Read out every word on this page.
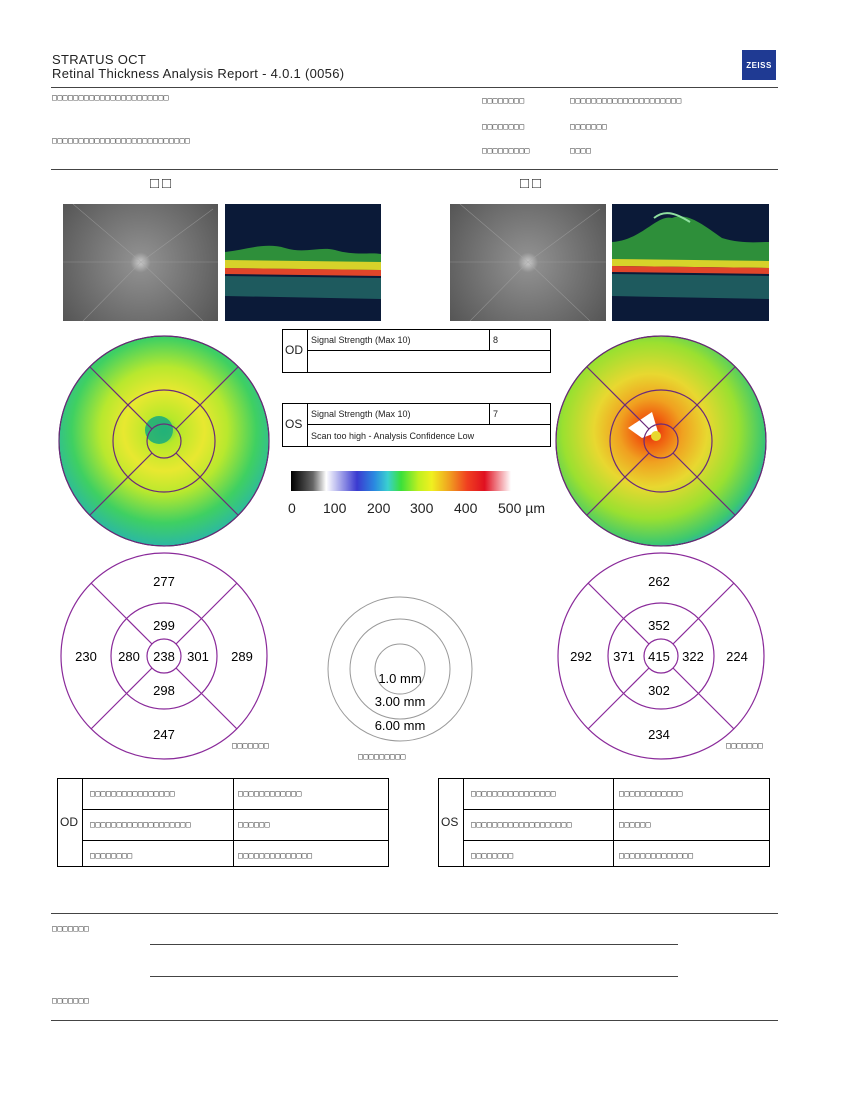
STRATUS OCT
Retinal Thickness Analysis Report - 4.0.1 (0056)
ZEISS
□□□□□□□□□□□□□□□□□□□□□□
□□□□□□□□□□□□□□□□□□□□□□□□□□
□□□□□□□□	□□□□□□□□□□□□□□□□□□□□□
□□□□□□□□	□□□□□□□
□□□□□□□□□	□□□□
□□	□□
OD
Signal Strength (Max 10)	8
OS
Signal Strength (Max 10)	7
Scan too high - Analysis Confidence Low
0 100 200 300 400 500 µm
277
299
230 280 238 301 289
298
247
□□□□□□□
262
352
292 371 415 322 224
302
234
□□□□□□□
1.0 mm
3.00 mm
6.00 mm
□□□□□□□□□
OD
□□□□□□□□□□□□□□□□	□□□□□□□□□□□□
□□□□□□□□□□□□□□□□□□□	□□□□□□
□□□□□□□□	□□□□□□□□□□□□□□
OS
□□□□□□□□□□□□□□□□	□□□□□□□□□□□□
□□□□□□□□□□□□□□□□□□□	□□□□□□
□□□□□□□□	□□□□□□□□□□□□□□
□□□□□□□
□□□□□□□
